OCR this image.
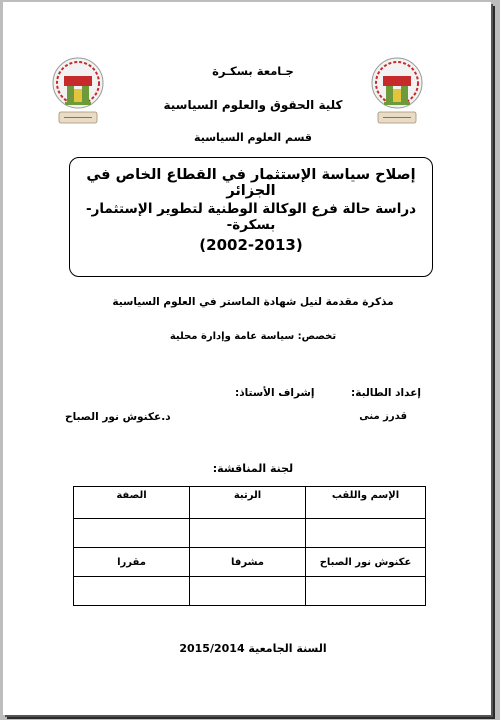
جـامعة بسكـرة
كلية الحقوق والعلوم السياسية
قسم العلوم السياسية
إصلاح سياسة الإستثمار في القطاع الخاص في الجزائر
دراسة حالة فرع الوكالة الوطنية لتطوير الإستثمار- بسكرة-
(2002-2013)
مذكرة مقدمة لنيل شهادة الماستر في العلوم السياسية
تخصص: سياسة عامة وإدارة محلية
إعداد الطالبة:
قدرز منى
إشراف الأستاذ:
د.عكنوش نور الصباح
لجنة المناقشة:
الإسم واللقب	الرتبة	الصفة

عكنوش نور الصباح	مشرفا	مقررا

السنة الجامعية 2015/2014
